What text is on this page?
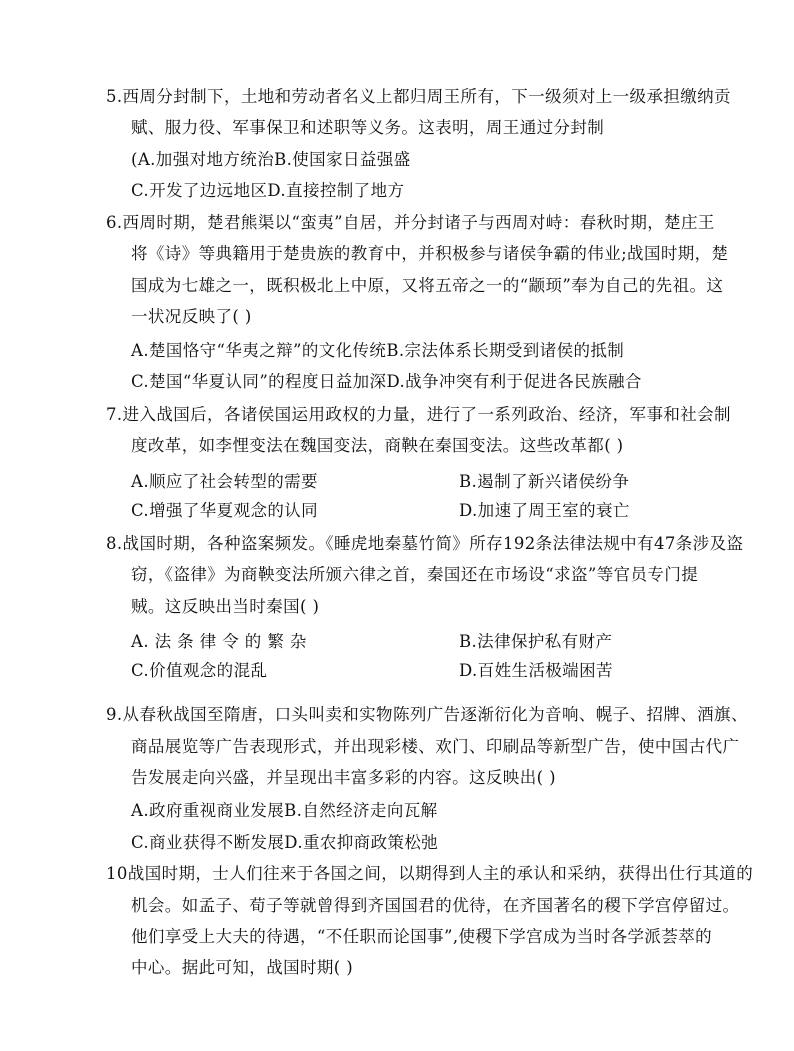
5.西周分封制下，土地和劳动者名义上都归周王所有，下一级须对上一级承担缴纳贡
赋、服力役、军事保卫和述职等义务。这表明，周王通过分封制
(A.加强对地方统治B.使国家日益强盛
C.开发了边远地区D.直接控制了地方
6.西周时期，楚君熊渠以“蛮夷”自居，并分封诸子与西周对峙：春秋时期，楚庄王
将《诗》等典籍用于楚贵族的教育中，并积极参与诸侯争霸的伟业;战国时期，楚
国成为七雄之一，既积极北上中原，又将五帝之一的“颛顼”奉为自己的先祖。这
一状况反映了( )
A.楚国恪守“华夷之辩”的文化传统B.宗法体系长期受到诸侯的抵制
C.楚国“华夏认同”的程度日益加深D.战争冲突有利于促进各民族融合
7.进入战国后，各诸侯国运用政权的力量，进行了一系列政治、经济，军事和社会制
度改革，如李悝变法在魏国变法，商鞅在秦国变法。这些改革都( )
A.顺应了社会转型的需要	B.遏制了新兴诸侯纷争
C.增强了华夏观念的认同	D.加速了周王室的衰亡
8.战国时期，各种盗案频发。《睡虎地秦墓竹简》所存192条法律法规中有47条涉及盗
窃，《盗律》为商鞅变法所颁六律之首，秦国还在市场设“求盗”等官员专门提
贼。这反映出当时秦国( )
A. 法 条 律 令 的 繁 杂	B.法律保护私有财产
C.价值观念的混乱	D.百姓生活极端困苦
9.从春秋战国至隋唐，口头叫卖和实物陈列广告逐渐衍化为音响、幌子、招牌、酒旗、
商品展览等广告表现形式，并出现彩楼、欢门、印刷品等新型广告，使中国古代广
告发展走向兴盛，并呈现出丰富多彩的内容。这反映出( )
A.政府重视商业发展B.自然经济走向瓦解
C.商业获得不断发展D.重农抑商政策松弛
10战国时期，士人们往来于各国之间，以期得到人主的承认和采纳，获得出仕行其道的
机会。如孟子、荀子等就曾得到齐国国君的优待，在齐国著名的稷下学宫停留过。
他们享受上大夫的待遇，“不任职而论国事”,使稷下学宫成为当时各学派荟萃的
中心。据此可知，战国时期( )
